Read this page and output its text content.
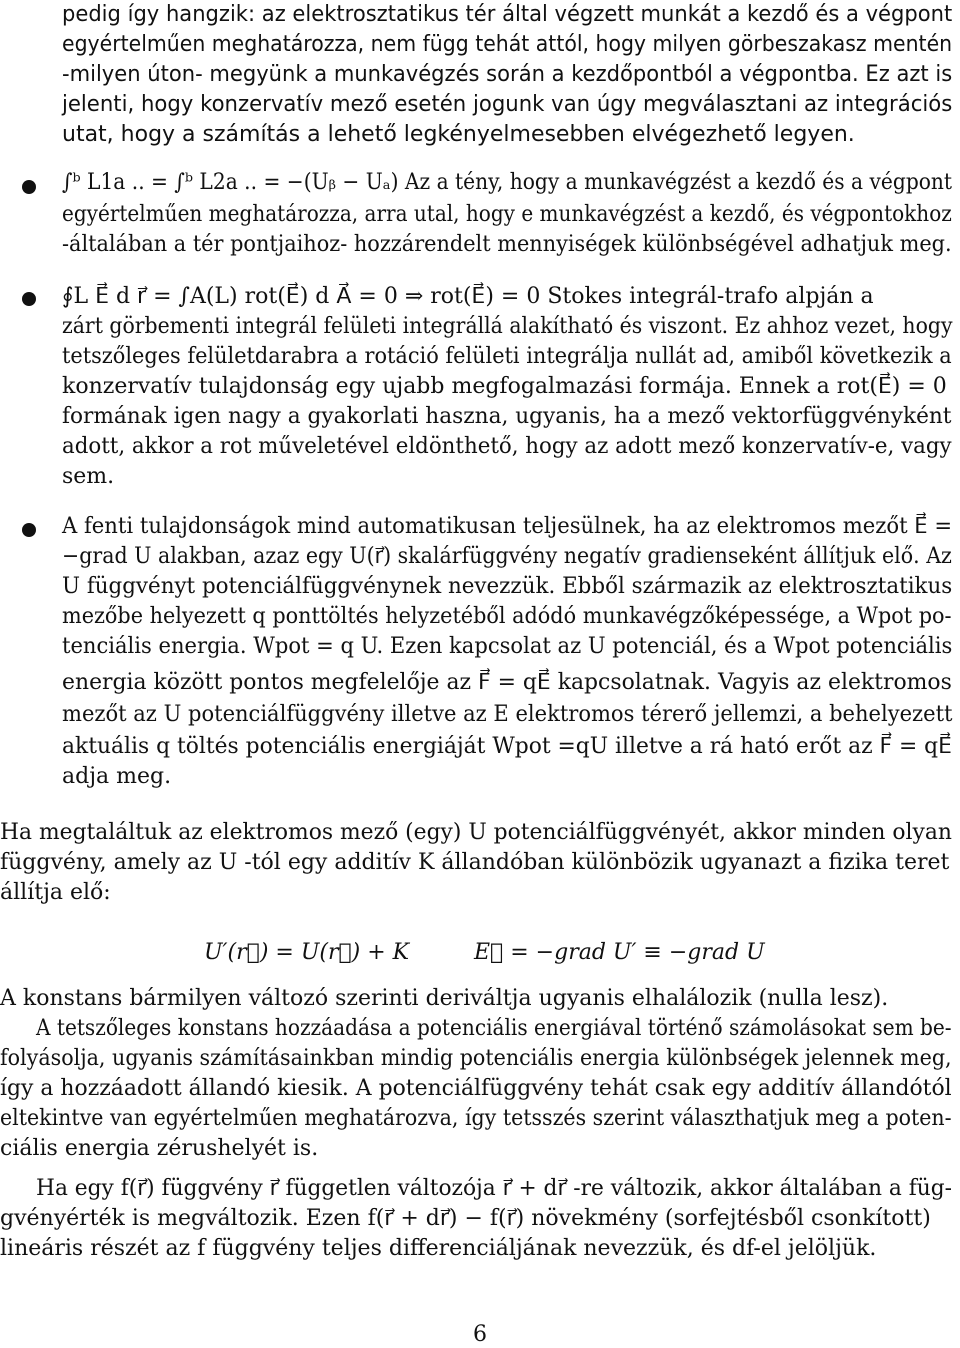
pedig így hangzik: az elektrosztatikus tér által végzett munkát a kezdő és a végpont

egyértelműen meghatározza, nem függ tehát attól, hogy milyen görbeszakasz mentén

-milyen úton- megyünk a munkavégzés során a kezdőpontból a végpontba. Ez azt is

jelenti, hogy konzervatív mező esetén jogunk van úgy megválasztani az integrációs

utat, hogy a számítás a lehető legkényelmesebben elvégezhető legyen.

∫ᵇ L1a .. = ∫ᵇ L2a .. = −(Uᵦ − Uₐ) Az a tény, hogy a munkavégzést a kezdő és a végpont

egyértelműen meghatározza, arra utal, hogy e munkavégzést a kezdő, és végpontokhoz

-általában a tér pontjaihoz- hozzárendelt mennyiségek különbségével adhatjuk meg.

∮L E⃗ d r⃗ = ∫A(L) rot(E⃗) d A⃗ = 0 ⇒ rot(E⃗) = 0 Stokes integrál-trafo alpján a

zárt görbementi integrál felületi integrállá alakítható és viszont. Ez ahhoz vezet, hogy

tetszőleges felületdarabra a rotáció felületi integrálja nullát ad, amiből következik a

konzervatív tulajdonság egy ujabb megfogalmazási formája. Ennek a rot(E⃗) = 0

formának igen nagy a gyakorlati haszna, ugyanis, ha a mező vektorfüggvényként

adott, akkor a rot műveletével eldönthető, hogy az adott mező konzervatív-e, vagy

sem.

A fenti tulajdonságok mind automatikusan teljesülnek, ha az elektromos mezőt E⃗ =

−grad U alakban, azaz egy U(r⃗) skalárfüggvény negatív gradienseként állítjuk elő. Az

U függvényt potenciálfüggvénynek nevezzük. Ebből származik az elektrosztatikus

mezőbe helyezett q ponttöltés helyzetéből adódó munkavégzőképessége, a Wpot po-

tenciális energia. Wpot = q U. Ezen kapcsolat az U potenciál, és a Wpot potenciális

energia között pontos megfelelője az F⃗ = qE⃗ kapcsolatnak. Vagyis az elektromos

mezőt az U potenciálfüggvény illetve az E elektromos térerő jellemzi, a behelyezett

aktuális q töltés potenciális energiáját Wpot =qU illetve a rá ható erőt az F⃗ = qE⃗

adja meg.

Ha megtaláltuk az elektromos mező (egy) U potenciálfüggvényét, akkor minden olyan

függvény, amely az U -tól egy additív K állandóban különbözik ugyanazt a fizika teret

állítja elő:

U′(r⃗) = U(r⃗) + K	E⃗ = −grad U′ ≡ −grad U

A konstans bármilyen változó szerinti deriváltja ugyanis elhalálozik (nulla lesz).

A tetszőleges konstans hozzáadása a potenciális energiával történő számolásokat sem be-

folyásolja, ugyanis számításainkban mindig potenciális energia különbségek jelennek meg,

így a hozzáadott állandó kiesik. A potenciálfüggvény tehát csak egy additív állandótól

eltekintve van egyértelműen meghatározva, így tetsszés szerint választhatjuk meg a poten-

ciális energia zérushelyét is.

Ha egy f(r⃗) függvény r⃗ független változója r⃗ + dr⃗ -re változik, akkor általában a füg-

gvényérték is megváltozik. Ezen f(r⃗ + dr⃗) − f(r⃗) növekmény (sorfejtésből csonkított)

lineáris részét az f függvény teljes differenciáljának nevezzük, és df-el jelöljük.

6
